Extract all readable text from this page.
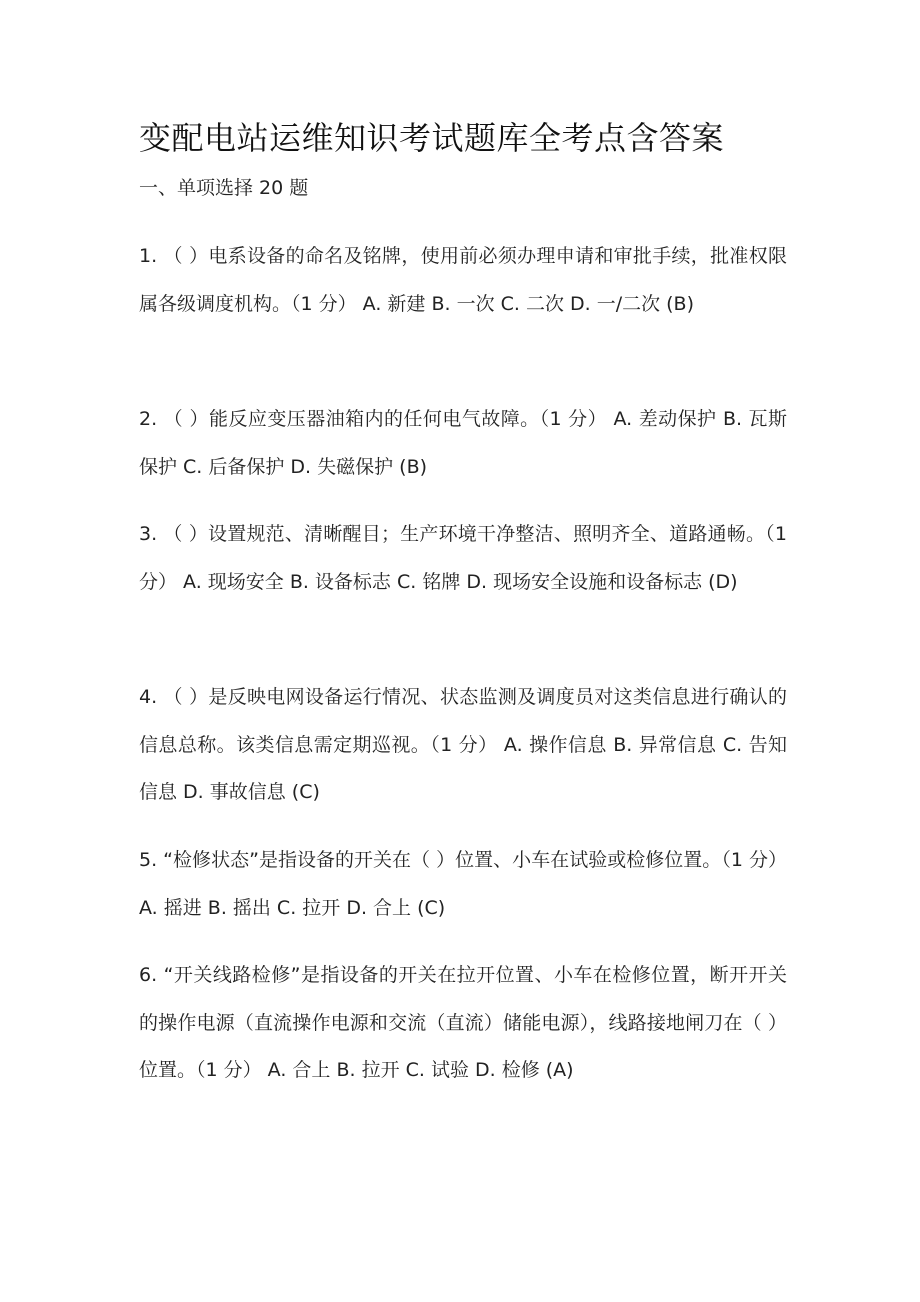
变配电站运维知识考试题库全考点含答案
一、单项选择 20 题

1. （ ）电系设备的命名及铭牌，使用前必须办理申请和审批手续，批准权限属各级调度机构。（1 分） A. 新建 B. 一次 C. 二次 D. 一/二次 (B)

2. （ ）能反应变压器油箱内的任何电气故障。（1 分） A. 差动保护 B. 瓦斯保护 C. 后备保护 D. 失磁保护 (B)

3. （ ）设置规范、清晰醒目；生产环境干净整洁、照明齐全、道路通畅。（1 分） A. 现场安全 B. 设备标志 C. 铭牌 D. 现场安全设施和设备标志 (D)

4. （ ）是反映电网设备运行情况、状态监测及调度员对这类信息进行确认的信息总称。该类信息需定期巡视。（1 分） A. 操作信息 B. 异常信息 C. 告知信息 D. 事故信息 (C)

5. “检修状态”是指设备的开关在（ ）位置、小车在试验或检修位置。（1 分） A. 摇进 B. 摇出 C. 拉开 D. 合上 (C)

6. “开关线路检修”是指设备的开关在拉开位置、小车在检修位置，断开开关的操作电源（直流操作电源和交流（直流）储能电源），线路接地闸刀在（ ）位置。（1 分） A. 合上 B. 拉开 C. 试验 D. 检修 (A)
